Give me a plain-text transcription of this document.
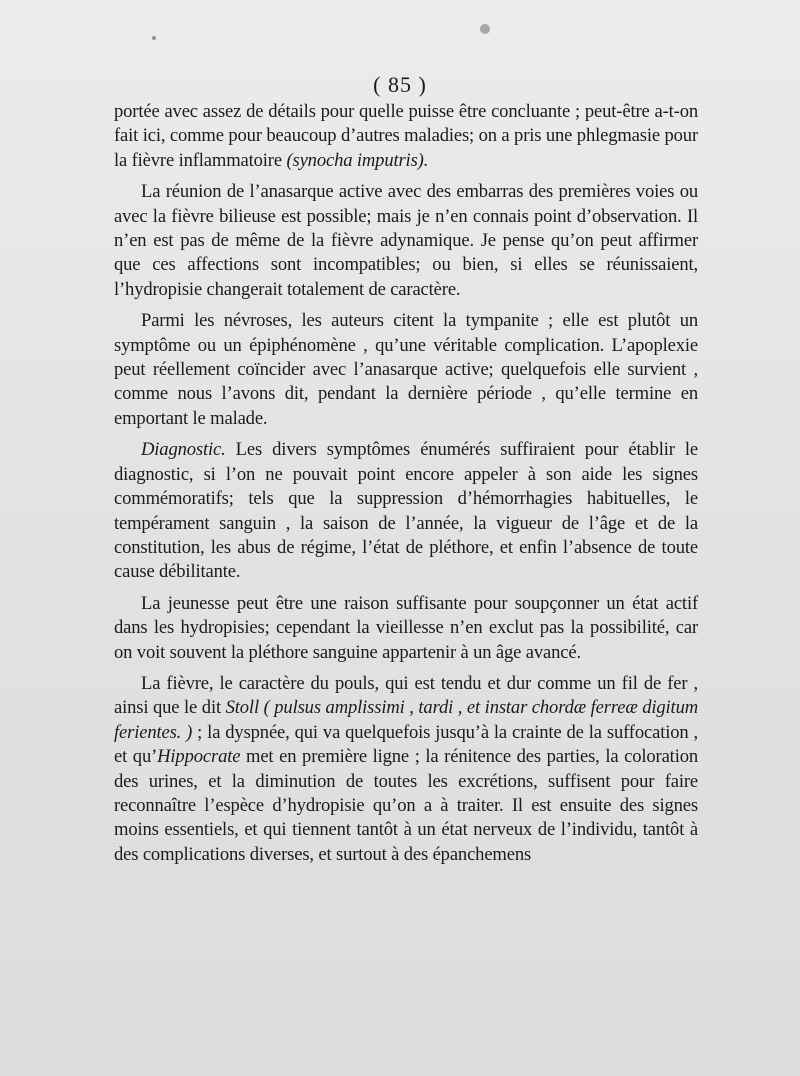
( 85 )

portée avec assez de détails pour quelle puisse être concluante ; peut-être a-t-on fait ici, comme pour beaucoup d’autres maladies; on a pris une phlegmasie pour la fièvre inflammatoire (synocha imputris).

La réunion de l’anasarque active avec des embarras des premières voies ou avec la fièvre bilieuse est possible; mais je n’en connais point d’observation. Il n’en est pas de même de la fièvre adynamique. Je pense qu’on peut affirmer que ces affections sont incompatibles; ou bien, si elles se réunissaient, l’hydropisie changerait totalement de caractère.

Parmi les névroses, les auteurs citent la tympanite ; elle est plutôt un symptôme ou un épiphénomène , qu’une véritable complication. L’apoplexie peut réellement coïncider avec l’anasarque active; quelquefois elle survient , comme nous l’avons dit, pendant la dernière période , qu’elle termine en emportant le malade.

Diagnostic. Les divers symptômes énumérés suffiraient pour établir le diagnostic, si l’on ne pouvait point encore appeler à son aide les signes commémoratifs; tels que la suppression d’hémorrhagies habituelles, le tempérament sanguin , la saison de l’année, la vigueur de l’âge et de la constitution, les abus de régime, l’état de pléthore, et enfin l’absence de toute cause débilitante.

La jeunesse peut être une raison suffisante pour soupçonner un état actif dans les hydropisies; cependant la vieillesse n’en exclut pas la possibilité, car on voit souvent la pléthore sanguine appartenir à un âge avancé.

La fièvre, le caractère du pouls, qui est tendu et dur comme un fil de fer , ainsi que le dit Stoll ( pulsus amplissimi , tardi , et instar chordæ ferreæ digitum ferientes. ) ; la dyspnée, qui va quelquefois jusqu’à la crainte de la suffocation , et qu’Hippocrate met en première ligne ; la rénitence des parties, la coloration des urines, et la diminution de toutes les excrétions, suffisent pour faire reconnaître l’espèce d’hydropisie qu’on a à traiter. Il est ensuite des signes moins essentiels, et qui tiennent tantôt à un état nerveux de l’individu, tantôt à des complications diverses, et surtout à des épanchemens
